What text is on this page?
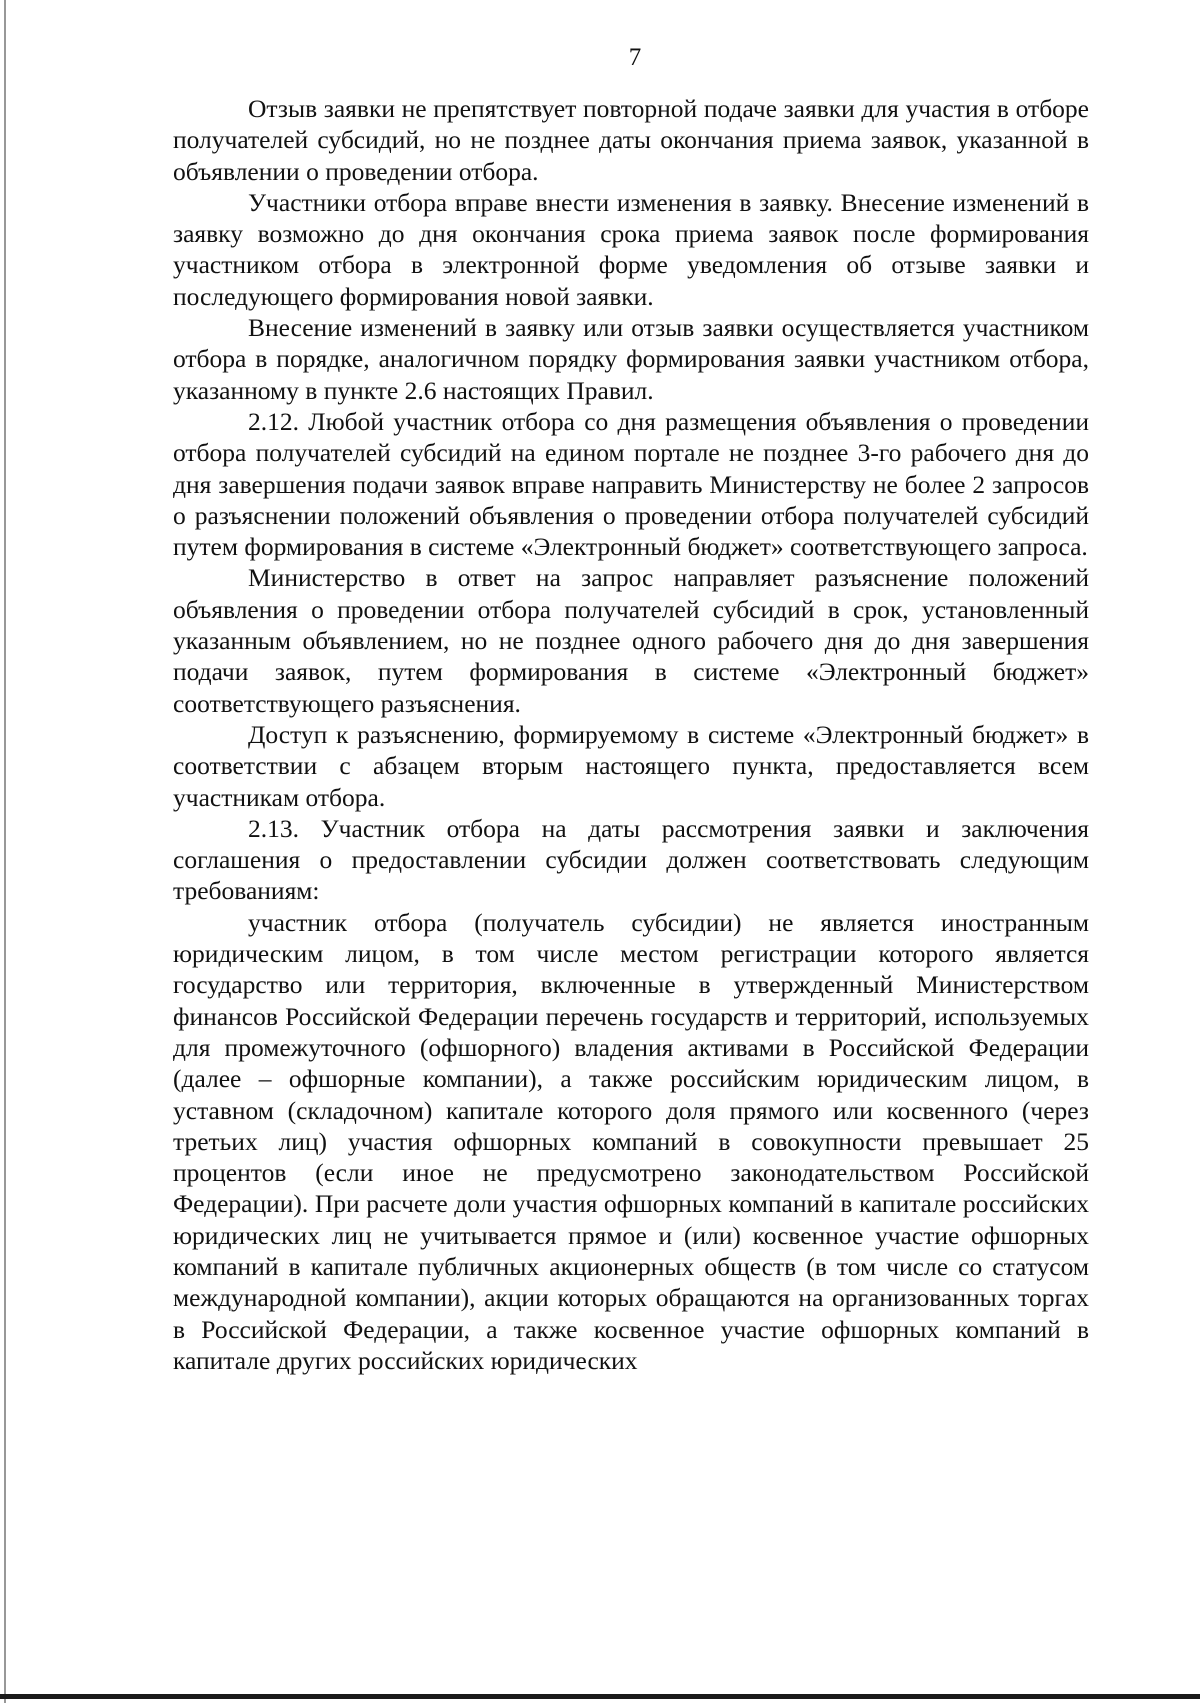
7

Отзыв заявки не препятствует повторной подаче заявки для участия в отборе получателей субсидий, но не позднее даты окончания приема заявок, указанной в объявлении о проведении отбора.

Участники отбора вправе внести изменения в заявку. Внесение изменений в заявку возможно до дня окончания срока приема заявок после формирования участником отбора в электронной форме уведомления об отзыве заявки и последующего формирования новой заявки.

Внесение изменений в заявку или отзыв заявки осуществляется участником отбора в порядке, аналогичном порядку формирования заявки участником отбора, указанному в пункте 2.6 настоящих Правил.

2.12. Любой участник отбора со дня размещения объявления о проведении отбора получателей субсидий на едином портале не позднее 3-го рабочего дня до дня завершения подачи заявок вправе направить Министерству не более 2 запросов о разъяснении положений объявления о проведении отбора получателей субсидий путем формирования в системе «Электронный бюджет» соответствующего запроса.

Министерство в ответ на запрос направляет разъяснение положений объявления о проведении отбора получателей субсидий в срок, установленный указанным объявлением, но не позднее одного рабочего дня до дня завершения подачи заявок, путем формирования в системе «Электронный бюджет» соответствующего разъяснения.

Доступ к разъяснению, формируемому в системе «Электронный бюджет» в соответствии с абзацем вторым настоящего пункта, предоставляется всем участникам отбора.

2.13. Участник отбора на даты рассмотрения заявки и заключения соглашения о предоставлении субсидии должен соответствовать следующим требованиям:

участник отбора (получатель субсидии) не является иностранным юридическим лицом, в том числе местом регистрации которого является государство или территория, включенные в утвержденный Министерством финансов Российской Федерации перечень государств и территорий, используемых для промежуточного (офшорного) владения активами в Российской Федерации (далее – офшорные компании), а также российским юридическим лицом, в уставном (складочном) капитале которого доля прямого или косвенного (через третьих лиц) участия офшорных компаний в совокупности превышает 25 процентов (если иное не предусмотрено законодательством Российской Федерации). При расчете доли участия офшорных компаний в капитале российских юридических лиц не учитывается прямое и (или) косвенное участие офшорных компаний в капитале публичных акционерных обществ (в том числе со статусом международной компании), акции которых обращаются на организованных торгах в Российской Федерации, а также косвенное участие офшорных компаний в капитале других российских юридических
